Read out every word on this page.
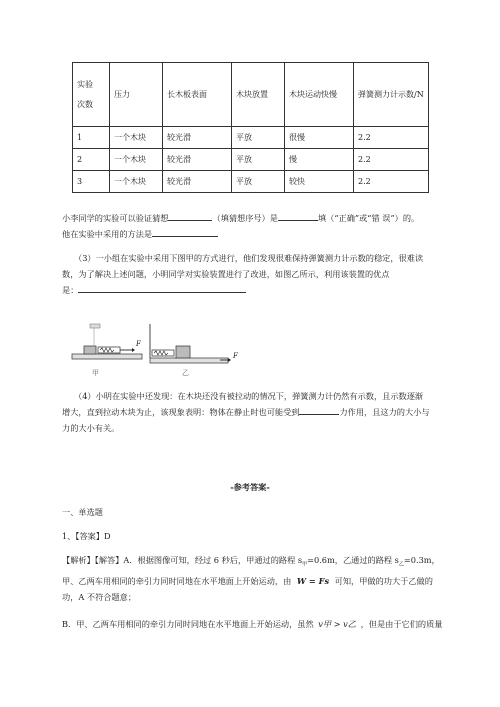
实验

次数	压力	长木板表面	木块放置	木块运动快慢	弹簧测力计示数/N
1	一个木块	较光滑	平放	很慢	2.2
2	一个木块	较光滑	平放	慢	2.2
3	一个木块	较光滑	平放	较快	2.2
小李同学的实验可以验证猜想	（填猜想序号）是	填（“正确”或“错 误”）的。
他在实验中采用的方法是
（3）一小组在实验中采用下图甲的方式进行，他们发现很难保持弹簧测力计示数的稳定，很难读
数，为了解决上述问题，小明同学对实验装置进行了改进，如图乙所示，利用该装置的优点
是：
F
F
甲	乙
（4）小明在实验中还发现：在木块还没有被拉动的情况下，弹簧测力计仍然有示数，且示数逐渐
增大，直到拉动木块为止，该现象表明：物体在静止时也可能受到	力作用，且这力的大小与
力的大小有关。
-参考答案-
一、单选题
1、【答案】D
【解析】【解答】A．根据图像可知，经过 6 秒后，甲通过的路程 $s_甲=0.6m$，乙通过的路程 $s_乙=0.3m$，
甲、乙两车用相同的牵引力同时同地在水平地面上开始运动，由 W = Fs 可知，甲做的功大于乙做的
功，A 不符合题意；
B．甲、乙两车用相同的牵引力同时同地在水平地面上开始运动，虽然 v甲 > v乙 ，但是由于它们的质量
